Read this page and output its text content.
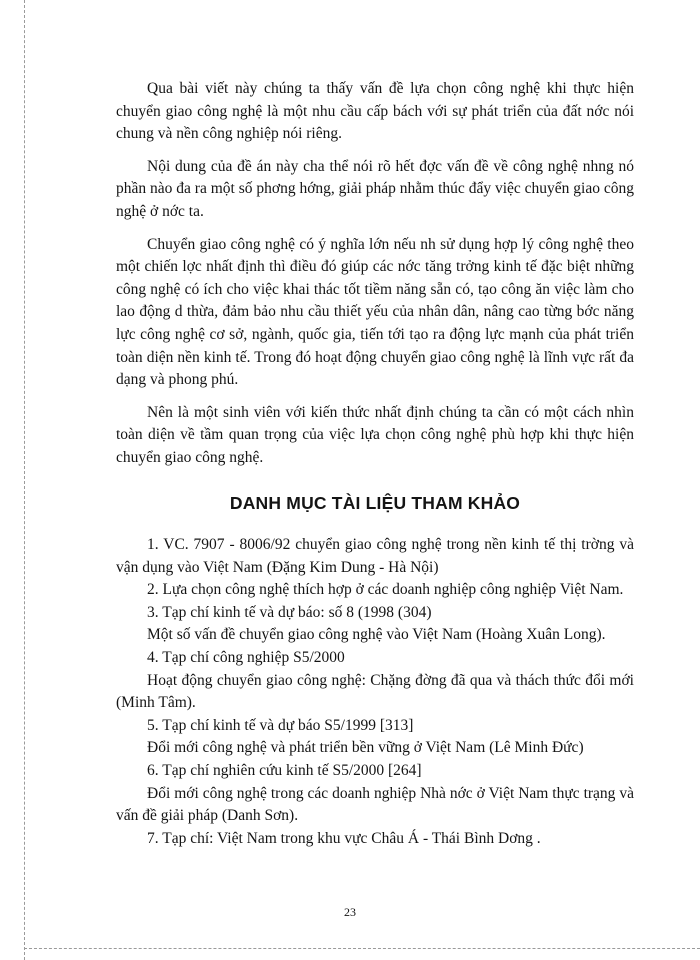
Qua bài viết này chúng ta thấy vấn đề lựa chọn công nghệ khi thực hiện chuyển giao công nghệ là một nhu cầu cấp bách với sự phát triển của đất nớc nói chung và nền công nghiệp nói riêng.

Nội dung của đề án này cha thể nói rõ hết đợc vấn đề về công nghệ nhng nó phần nào đa ra một số phơng hớng, giải pháp nhằm thúc đẩy việc chuyển giao công nghệ ở nớc ta.

Chuyển giao công nghệ có ý nghĩa lớn nếu nh sử dụng hợp lý công nghệ theo một chiến lợc nhất định thì điều đó giúp các nớc tăng trởng kinh tế đặc biệt những công nghệ có ích cho việc khai thác tốt tiềm năng sẵn có, tạo công ăn việc làm cho lao động d thừa, đảm bảo nhu cầu thiết yếu của nhân dân, nâng cao từng bớc năng lực công nghệ cơ sở, ngành, quốc gia, tiến tới tạo ra động lực mạnh của phát triển toàn diện nền kinh tế. Trong đó hoạt động chuyển giao công nghệ là lĩnh vực rất đa dạng và phong phú.

Nên là một sinh viên với kiến thức nhất định chúng ta cần có một cách nhìn toàn diện về tầm quan trọng của việc lựa chọn công nghệ phù hợp khi thực hiện chuyển giao công nghệ.

DANH MỤC TÀI LIỆU THAM KHẢO

1. VC. 7907 - 8006/92 chuyển giao công nghệ trong nền kinh tế thị trờng và vận dụng vào Việt Nam (Đặng Kim Dung - Hà Nội)

2. Lựa chọn công nghệ thích hợp ở các doanh nghiệp công nghiệp Việt Nam.

3. Tạp chí kinh tế và dự báo: số 8 (1998 (304)

Một số vấn đề chuyển giao công nghệ vào Việt Nam (Hoàng Xuân Long).

4. Tạp chí công nghiệp S5/2000

Hoạt động chuyển giao công nghệ: Chặng đờng đã qua và thách thức đổi mới (Minh Tâm).

5. Tạp chí kinh tế và dự báo S5/1999 [313]

Đổi mới công nghệ và phát triển bền vững ở Việt Nam (Lê Minh Đức)

6. Tạp chí nghiên cứu kinh tế S5/2000 [264]

Đổi mới công nghệ trong các doanh nghiệp Nhà nớc ở Việt Nam thực trạng và vấn đề giải pháp (Danh Sơn).

7. Tạp chí: Việt Nam trong khu vực Châu Á - Thái Bình Dơng .

23
